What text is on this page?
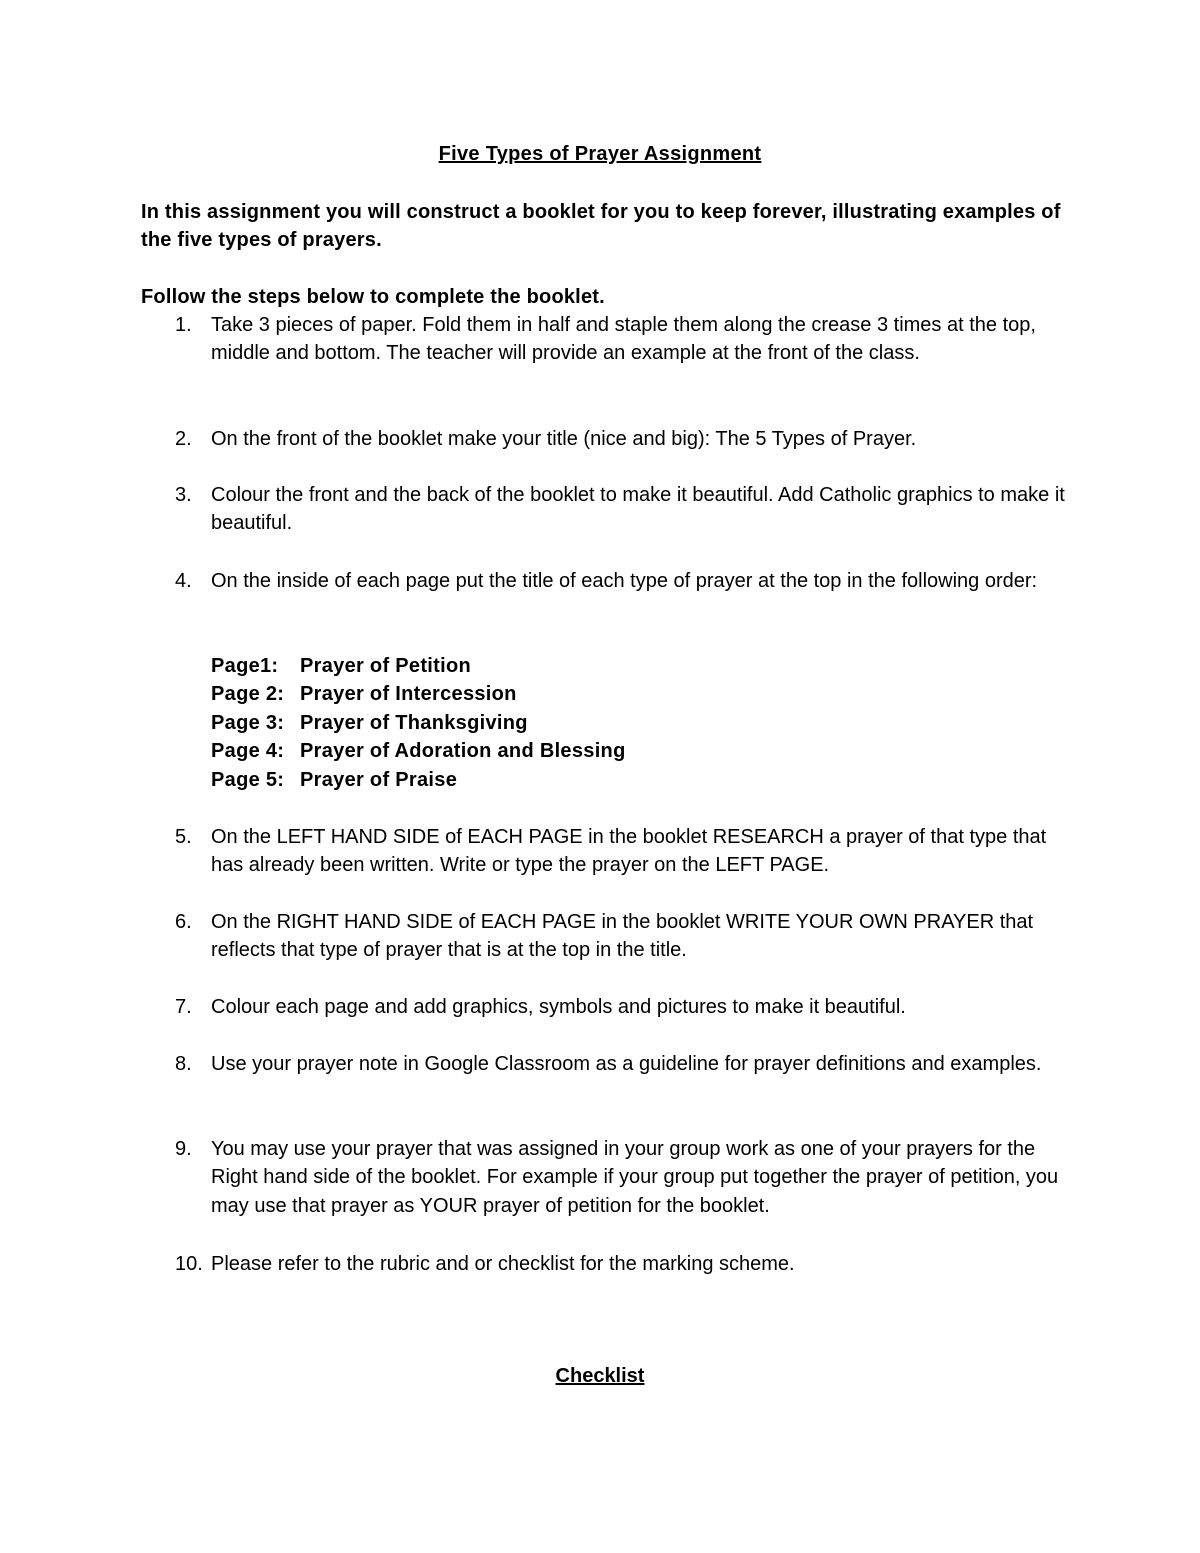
Five Types of Prayer Assignment
In this assignment you will construct a booklet for you to keep forever, illustrating examples of the five types of prayers.
Follow the steps below to complete the booklet.
1. Take 3 pieces of paper. Fold them in half and staple them along the crease 3 times at the top, middle and bottom. The teacher will provide an example at the front of the class.
2. On the front of the booklet make your title (nice and big): The 5 Types of Prayer.
3. Colour the front and the back of the booklet to make it beautiful. Add Catholic graphics to make it beautiful.
4. On the inside of each page put the title of each type of prayer at the top in the following order:
Page1: Prayer of Petition
Page 2: Prayer of Intercession
Page 3: Prayer of Thanksgiving
Page 4: Prayer of Adoration and Blessing
Page 5: Prayer of Praise
5. On the LEFT HAND SIDE of EACH PAGE in the booklet RESEARCH a prayer of that type that has already been written. Write or type the prayer on the LEFT PAGE.
6. On the RIGHT HAND SIDE of EACH PAGE in the booklet WRITE YOUR OWN PRAYER that reflects that type of prayer that is at the top in the title.
7. Colour each page and add graphics, symbols and pictures to make it beautiful.
8. Use your prayer note in Google Classroom as a guideline for prayer definitions and examples.
9. You may use your prayer that was assigned in your group work as one of your prayers for the Right hand side of the booklet. For example if your group put together the prayer of petition, you may use that prayer as YOUR prayer of petition for the booklet.
10. Please refer to the rubric and or checklist for the marking scheme.
Checklist
